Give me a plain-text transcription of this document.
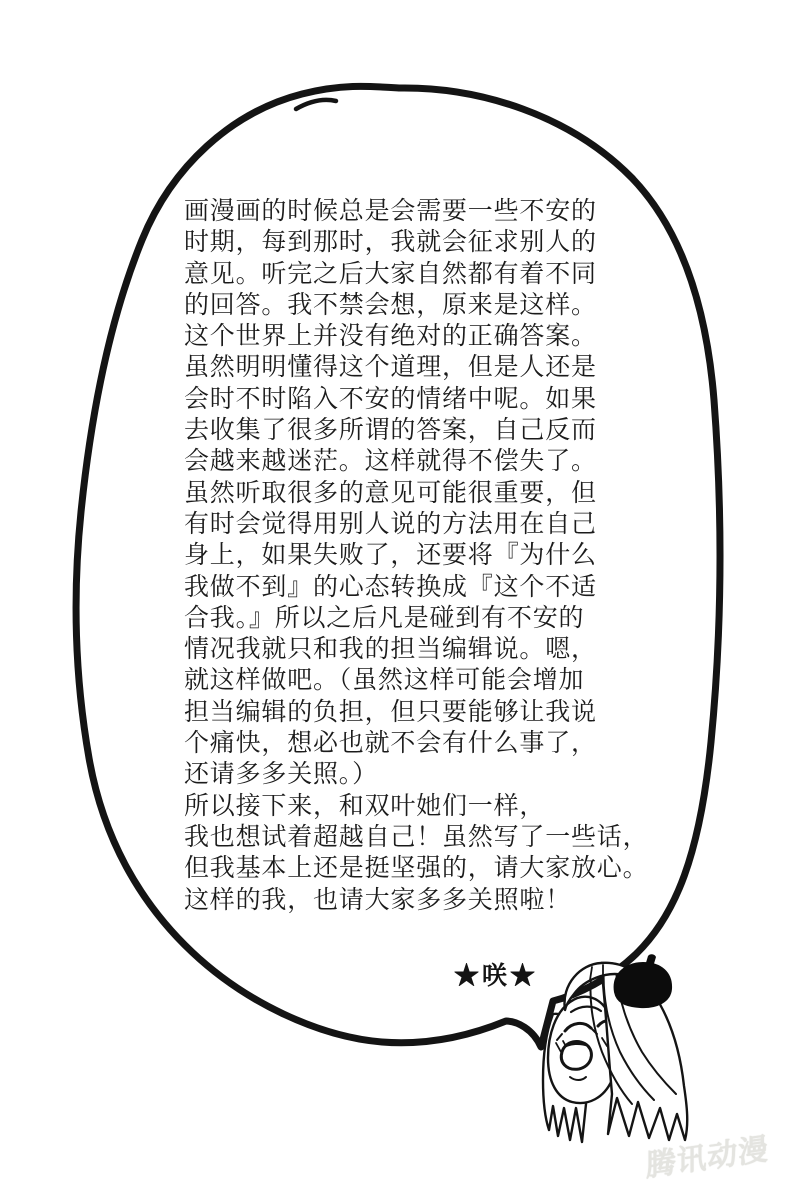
画漫画的时候总是会需要一些不安的
时期，每到那时，我就会征求别人的
意见。听完之后大家自然都有着不同
的回答。我不禁会想，原来是这样。
这个世界上并没有绝对的正确答案。
虽然明明懂得这个道理，但是人还是
会时不时陷入不安的情绪中呢。如果
去收集了很多所谓的答案，自己反而
会越来越迷茫。这样就得不偿失了。
虽然听取很多的意见可能很重要，但
有时会觉得用别人说的方法用在自己
身上，如果失败了，还要将『为什么
我做不到』的心态转换成『这个不适
合我。』所以之后凡是碰到有不安的
情况我就只和我的担当编辑说。嗯，
就这样做吧。（虽然这样可能会增加
担当编辑的负担，但只要能够让我说
个痛快，想必也就不会有什么事了，
还请多多关照。）
所以接下来，和双叶她们一样，
我也想试着超越自己！虽然写了一些话，
但我基本上还是挺坚强的，请大家放心。
这样的我，也请大家多多关照啦！
★咲★
腾讯动漫
